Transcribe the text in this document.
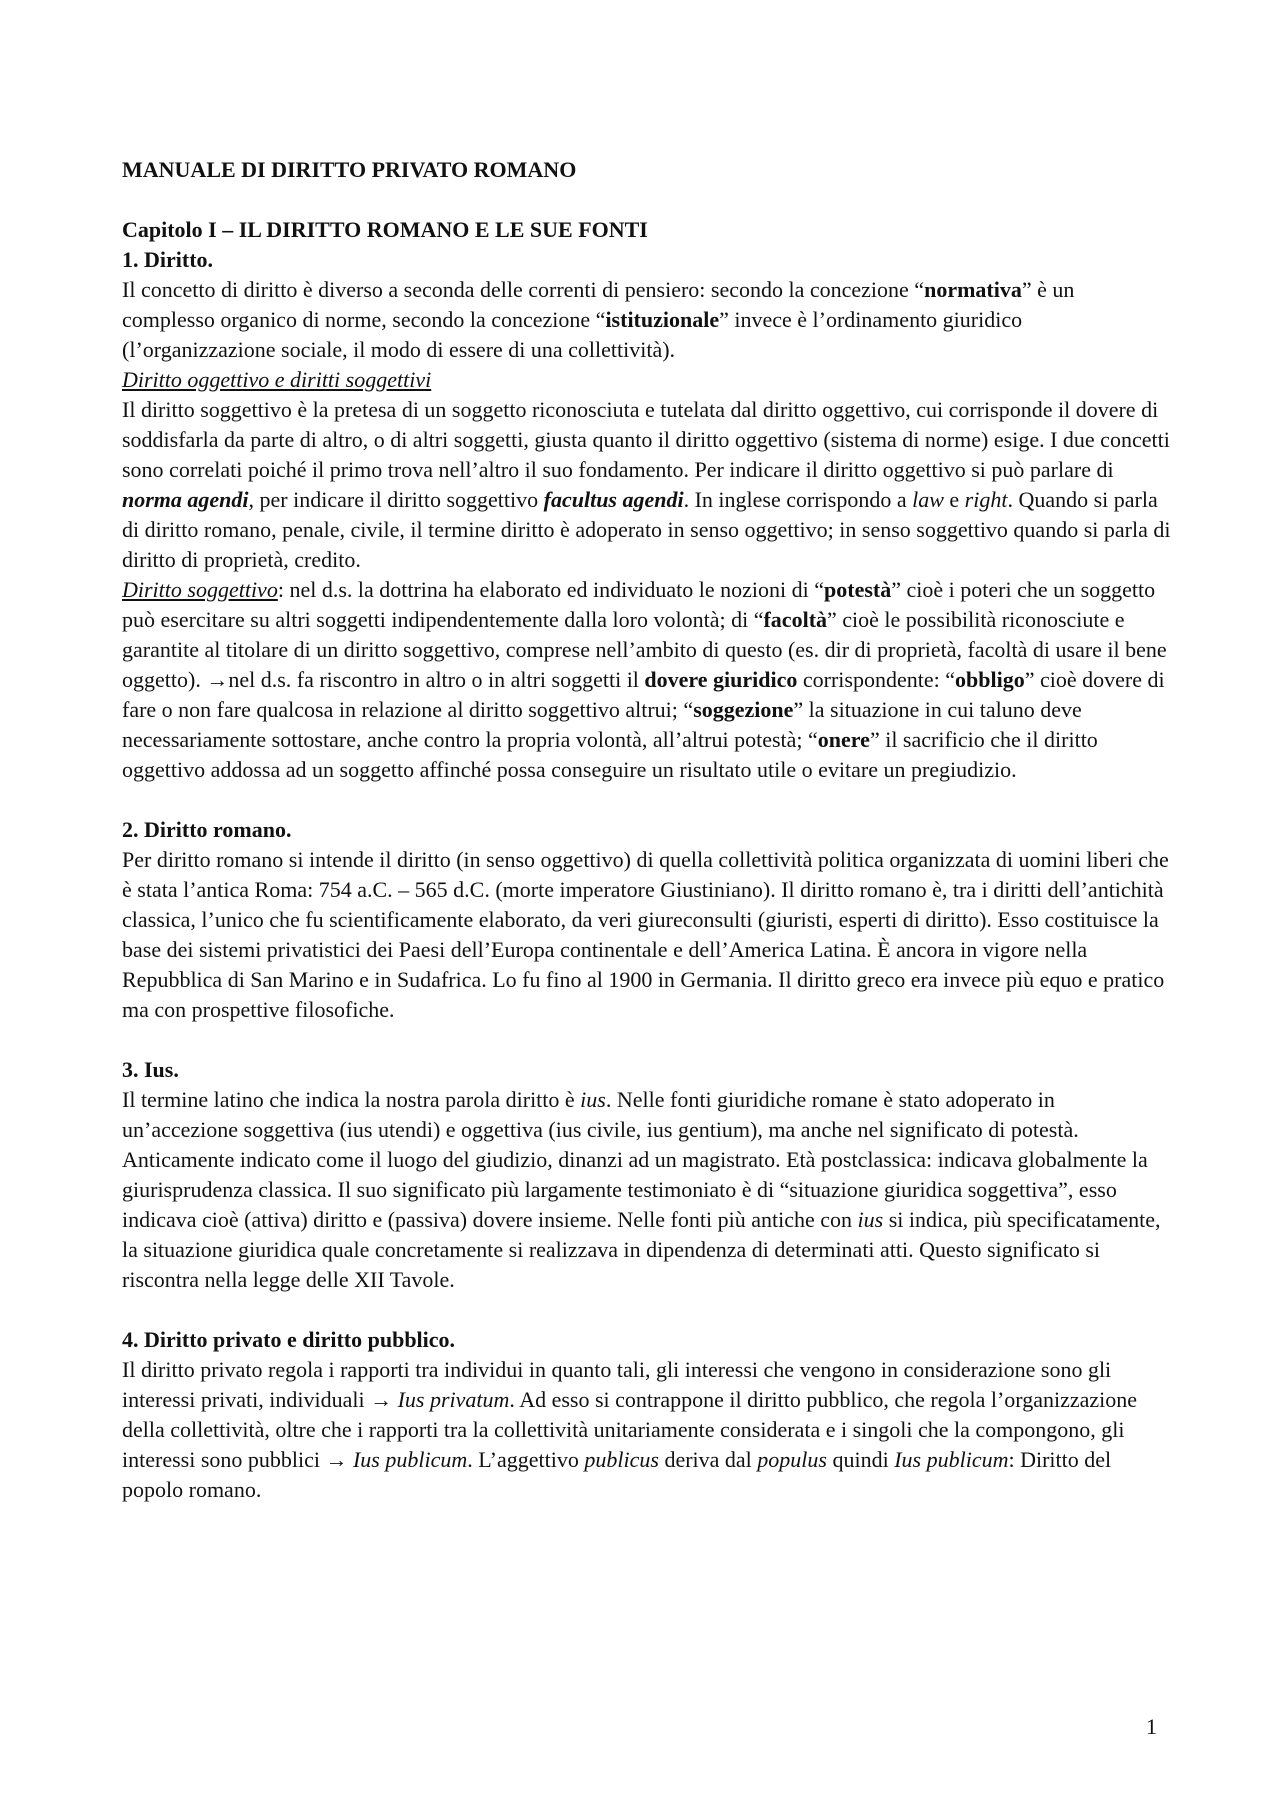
MANUALE DI DIRITTO PRIVATO ROMANO

Capitolo I – IL DIRITTO ROMANO E LE SUE FONTI

1. Diritto.

Il concetto di diritto è diverso a seconda delle correnti di pensiero: secondo la concezione “normativa” è un complesso organico di norme, secondo la concezione “istituzionale” invece è l’ordinamento giuridico (l’organizzazione sociale, il modo di essere di una collettività).

Diritto oggettivo e diritti soggettivi

Il diritto soggettivo è la pretesa di un soggetto riconosciuta e tutelata dal diritto oggettivo, cui corrisponde il dovere di soddisfarla da parte di altro, o di altri soggetti, giusta quanto il diritto oggettivo (sistema di norme) esige. I due concetti sono correlati poiché il primo trova nell’altro il suo fondamento. Per indicare il diritto oggettivo si può parlare di norma agendi, per indicare il diritto soggettivo facultus agendi. In inglese corrispondo a law e right. Quando si parla di diritto romano, penale, civile, il termine diritto è adoperato in senso oggettivo; in senso soggettivo quando si parla di diritto di proprietà, credito.

Diritto soggettivo: nel d.s. la dottrina ha elaborato ed individuato le nozioni di “potestà” cioè i poteri che un soggetto può esercitare su altri soggetti indipendentemente dalla loro volontà; di “facoltà” cioè le possibilità riconosciute e garantite al titolare di un diritto soggettivo, comprese nell’ambito di questo (es. dir di proprietà, facoltà di usare il bene oggetto). →nel d.s. fa riscontro in altro o in altri soggetti il dovere giuridico corrispondente: “obbligo” cioè dovere di fare o non fare qualcosa in relazione al diritto soggettivo altrui; “soggezione” la situazione in cui taluno deve necessariamente sottostare, anche contro la propria volontà, all’altrui potestà; “onere” il sacrificio che il diritto oggettivo addossa ad un soggetto affinché possa conseguire un risultato utile o evitare un pregiudizio.

2. Diritto romano.

Per diritto romano si intende il diritto (in senso oggettivo) di quella collettività politica organizzata di uomini liberi che è stata l’antica Roma: 754 a.C. – 565 d.C. (morte imperatore Giustiniano). Il diritto romano è, tra i diritti dell’antichità classica, l’unico che fu scientificamente elaborato, da veri giureconsulti (giuristi, esperti di diritto). Esso costituisce la base dei sistemi privatistici dei Paesi dell’Europa continentale e dell’America Latina. È ancora in vigore nella Repubblica di San Marino e in Sudafrica. Lo fu fino al 1900 in Germania. Il diritto greco era invece più equo e pratico ma con prospettive filosofiche.

3. Ius.

Il termine latino che indica la nostra parola diritto è ius. Nelle fonti giuridiche romane è stato adoperato in un’accezione soggettiva (ius utendi) e oggettiva (ius civile, ius gentium), ma anche nel significato di potestà. Anticamente indicato come il luogo del giudizio, dinanzi ad un magistrato. Età postclassica: indicava globalmente la giurisprudenza classica. Il suo significato più largamente testimoniato è di “situazione giuridica soggettiva”, esso indicava cioè (attiva) diritto e (passiva) dovere insieme. Nelle fonti più antiche con ius si indica, più specificatamente, la situazione giuridica quale concretamente si realizzava in dipendenza di determinati atti. Questo significato si riscontra nella legge delle XII Tavole.

4. Diritto privato e diritto pubblico.

Il diritto privato regola i rapporti tra individui in quanto tali, gli interessi che vengono in considerazione sono gli interessi privati, individuali → Ius privatum. Ad esso si contrappone il diritto pubblico, che regola l’organizzazione della collettività, oltre che i rapporti tra la collettività unitariamente considerata e i singoli che la compongono, gli interessi sono pubblici → Ius publicum. L’aggettivo publicus deriva dal populus quindi Ius publicum: Diritto del popolo romano.

1
